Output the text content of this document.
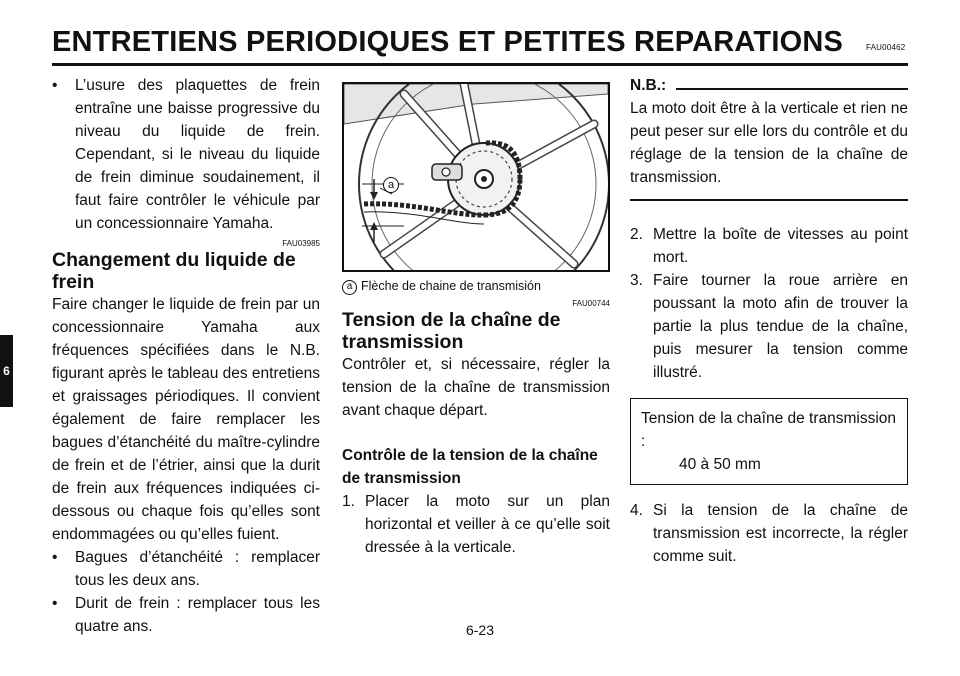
ENTRETIENS PERIODIQUES ET PETITES REPARATIONS	FAU00462
6
• L’usure des plaquettes de frein entraîne une baisse progressive du niveau du liquide de frein. Cependant, si le niveau du liquide de frein diminue soudainement, il faut faire contrôler le véhicule par un concessionnaire Yamaha.
FAU03985
Changement du liquide de frein

Faire changer le liquide de frein par un concessionnaire Yamaha aux fréquences spécifiées dans le N.B. figurant après le tableau des entretiens et graissages périodiques. Il convient également de faire remplacer les bagues d’étanchéité du maître-cylindre de frein et de l’étrier, ainsi que la durit de frein aux fréquences indiquées ci-dessous ou chaque fois qu’elles sont endommagées ou qu’elles fuient.

• Bagues d’étanchéité : remplacer tous les deux ans.
• Durit de frein : remplacer tous les quatre ans.
a
a Flèche de chaine de transmisión
FAU00744
Tension de la chaîne de transmission

Contrôler et, si nécessaire, régler la tension de la chaîne de transmission avant chaque départ.

Contrôle de la tension de la chaîne de transmission
1. Placer la moto sur un plan horizontal et veiller à ce qu’elle soit dressée à la verticale.
N.B.:

La moto doit être à la verticale et rien ne peut peser sur elle lors du contrôle et du réglage de la tension de la chaîne de transmission.

2. Mettre la boîte de vitesses au point mort.
3. Faire tourner la roue arrière en poussant la moto afin de trouver la partie la plus tendue de la chaîne, puis mesurer la tension comme illustré.
Tension de la chaîne de transmission :
40 à 50 mm
4. Si la tension de la chaîne de transmission est incorrecte, la régler comme suit.
6-23
